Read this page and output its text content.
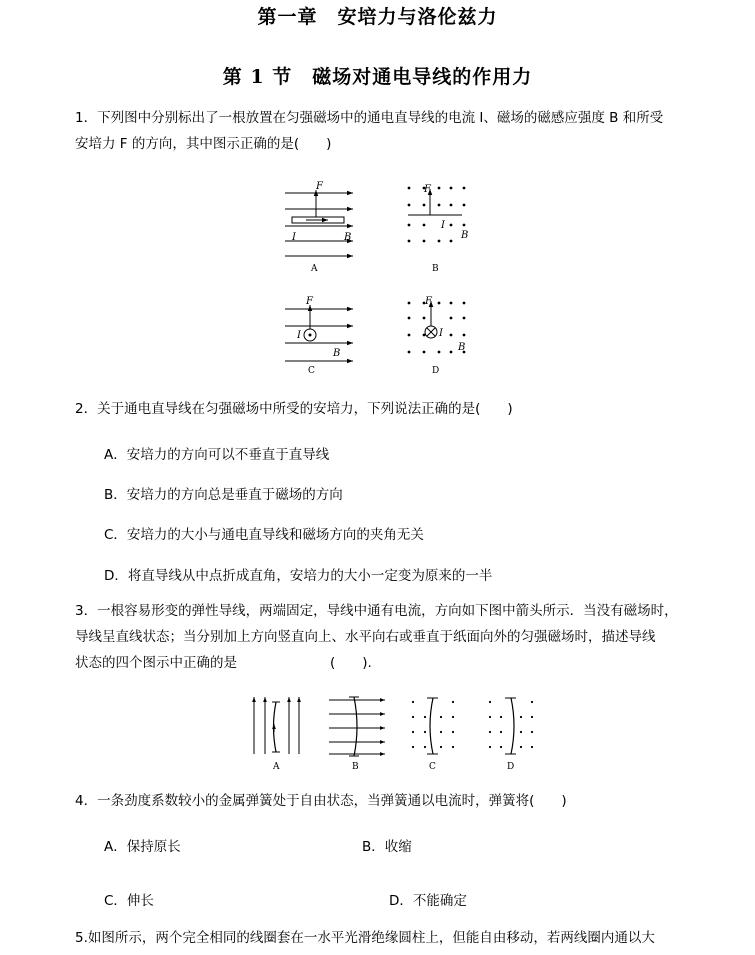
第一章　安培力与洛伦兹力
第 1 节　磁场对通电导线的作用力
1．下列图中分别标出了一根放置在匀强磁场中的通电直导线的电流 I、磁场的磁感应强度 B 和所受
安培力 F 的方向，其中图示正确的是(　　)
F
I	B
A
F
I
B
B
F
I
B
C
F
I
B
D
2．关于通电直导线在匀强磁场中所受的安培力，下列说法正确的是(　　)
A．安培力的方向可以不垂直于直导线
B．安培力的方向总是垂直于磁场的方向
C．安培力的大小与通电直导线和磁场方向的夹角无关
D．将直导线从中点折成直角，安培力的大小一定变为原来的一半
3．一根容易形变的弹性导线，两端固定，导线中通有电流，方向如下图中箭头所示．当没有磁场时，
导线呈直线状态；当分别加上方向竖直向上、水平向右或垂直于纸面向外的匀强磁场时，描述导线
状态的四个图示中正确的是	(　　).
A	B	C	D
4．一条劲度系数较小的金属弹簧处于自由状态，当弹簧通以电流时，弹簧将(　　)
A．保持原长	B．收缩
C．伸长	D．不能确定
5.如图所示，两个完全相同的线圈套在一水平光滑绝缘圆柱上，但能自由移动，若两线圈内通以大
